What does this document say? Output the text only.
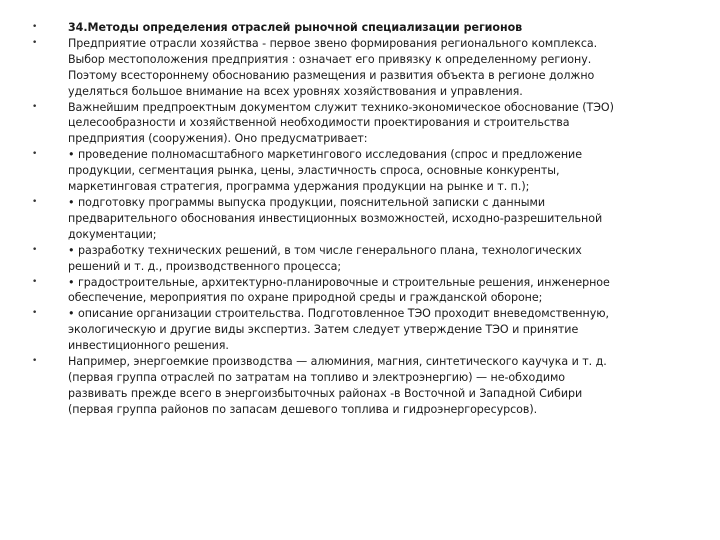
•	34.Методы определения отраслей рыночной специализации регионов
•	Предприятие отрасли хозяйства - первое звено формирования регионального комплекса.
Выбор местоположения предприятия : означает его привязку к определенному региону.
Поэтому всестороннему обоснованию размещения и развития объекта в регионе должно
уделяться большое внимание на всех уровнях хозяйствования и управления.
•	Важнейшим предпроектным документом служит технико-экономическое обоснование (ТЭО)
целесообразности и хозяйственной необходимости проектирования и строительства
предприятия (сооружения). Оно предусматривает:
•	• проведение полномасштабного маркетингового исследования (спрос и предложение
продукции, сегментация рынка, цены, эластичность спроса, основные конкуренты,
маркетинговая стратегия, программа удержания продукции на рынке и т. п.);
•	• подготовку программы выпуска продукции, пояснительной записки с данными
предварительного обоснования инвестиционных возможностей, исходно-разрешительной
документации;
•	• разработку технических решений, в том числе генерального плана, технологических
решений и т. д., производственного процесса;
•	• градостроительные, архитектурно-планировочные и строительные решения, инженерное
обеспечение, мероприятия по охране природной среды и гражданской обороне;
•	• описание организации строительства. Подготовленное ТЭО проходит вневедомственную,
экологическую и другие виды экспертиз. Затем следует утверждение ТЭО и принятие
инвестиционного решения.
•	Например, энергоемкие производства — алюминия, магния, синтетического каучука и т. д.
(первая группа отраслей по затратам на топливо и электроэнергию) — не-обходимо
развивать прежде всего в энергоизбыточных районах -в Восточной и Западной Сибири
(первая группа районов по запасам дешевого топлива и гидроэнергоресурсов).
